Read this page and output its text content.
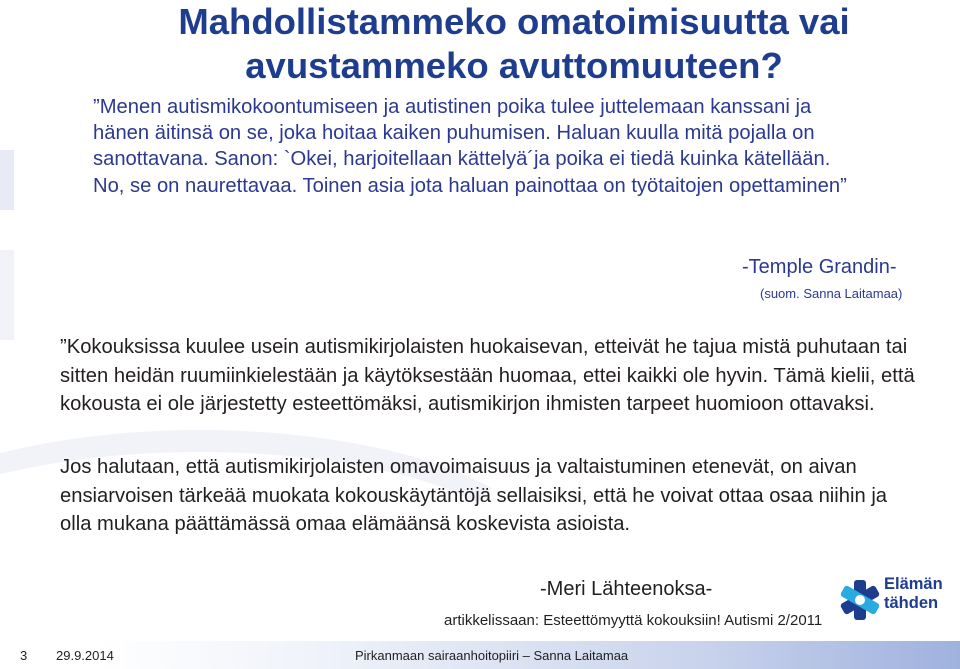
Mahdollistammeko omatoimisuutta vai avustammeko avuttomuuteen?

”Menen autismikokoontumiseen ja autistinen poika tulee juttelemaan kanssani ja hänen äitinsä on se, joka hoitaa kaiken puhumisen. Haluan kuulla mitä pojalla on sanottavana. Sanon: `Okei, harjoitellaan kättelyä´ja poika ei tiedä kuinka kätellään. No, se on naurettavaa. Toinen asia jota haluan painottaa on työtaitojen opettaminen”

-Temple Grandin-
(suom. Sanna Laitamaa)

”Kokouksissa kuulee usein autismikirjolaisten huokaisevan, etteivät he tajua mistä puhutaan tai sitten heidän ruumiinkielestään ja käytöksestään huomaa, ettei kaikki ole hyvin. Tämä kielii, että kokousta ei ole järjestetty esteettömäksi, autismikirjon ihmisten tarpeet huomioon ottavaksi.

Jos halutaan, että autismikirjolaisten omavoimaisuus ja valtaistuminen etenevät, on aivan ensiarvoisen tärkeää muokata kokouskäytäntöjä sellaisiksi, että he voivat ottaa osaa niihin ja olla mukana päättämässä omaa elämäänsä koskevista asioista.

-Meri Lähteenoksa-
artikkelissaan: Esteettömyyttä kokouksiin! Autismi 2/2011
Elämän
tähden
3 29.9.2014	Pirkanmaan sairaanhoitopiiri – Sanna Laitamaa
